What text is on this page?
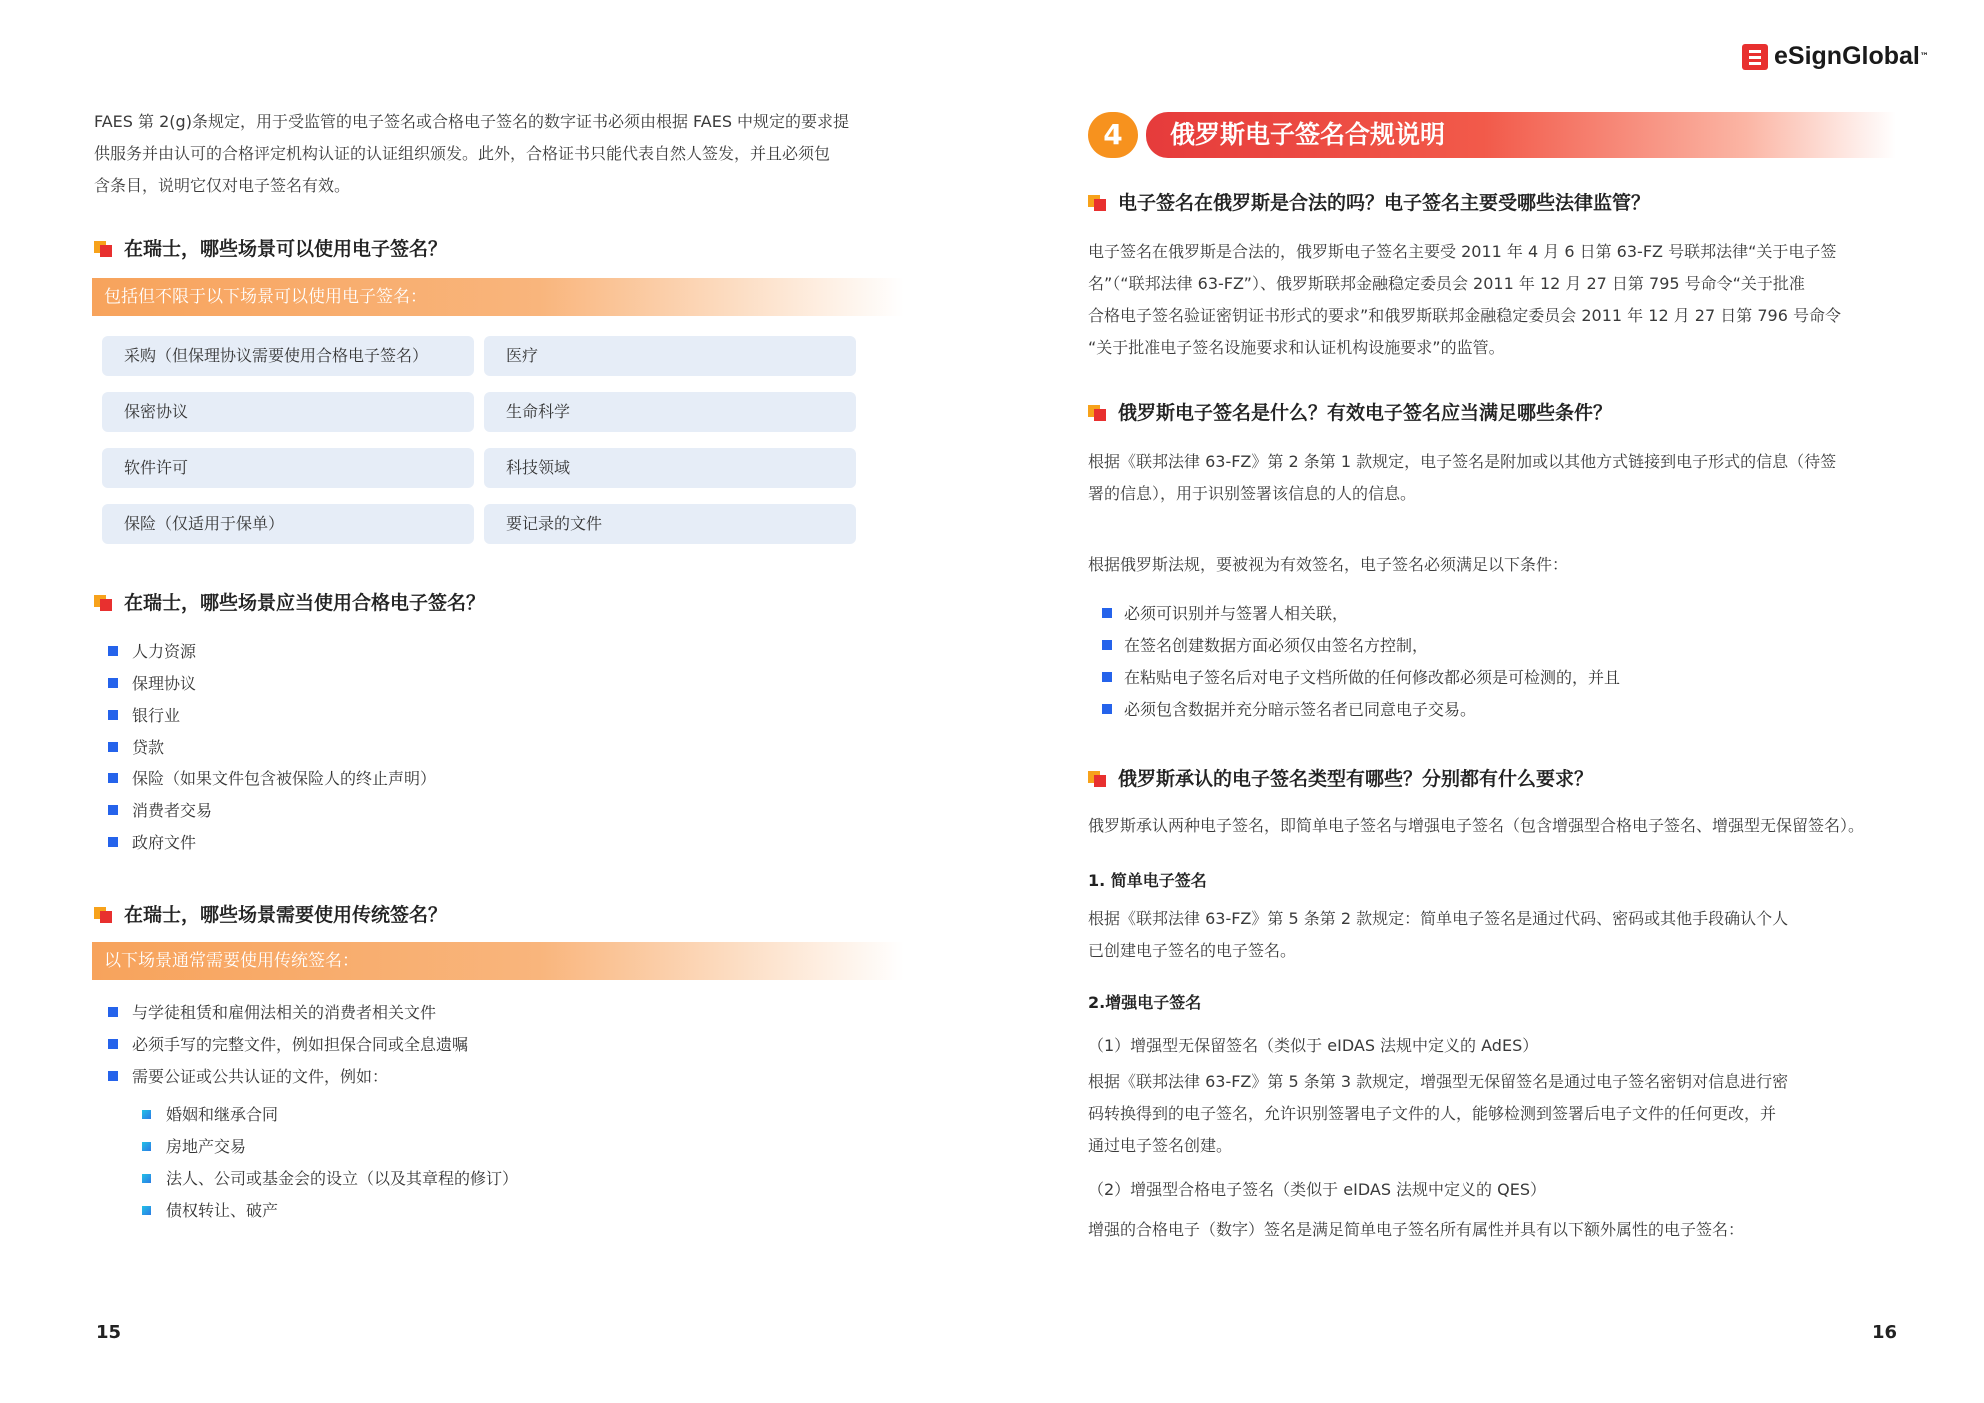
FAES 第 2(g)条规定，用于受监管的电子签名或合格电子签名的数字证书必须由根据 FAES 中规定的要求提
供服务并由认可的合格评定机构认证的认证组织颁发。此外，合格证书只能代表自然人签发，并且必须包
含条目，说明它仅对电子签名有效。
在瑞士，哪些场景可以使用电子签名？
包括但不限于以下场景可以使用电子签名：
采购（但保理协议需要使用合格电子签名）	医疗
保密协议	生命科学
软件许可	科技领域
保险（仅适用于保单）	要记录的文件
在瑞士，哪些场景应当使用合格电子签名？
人力资源
保理协议
银行业
贷款
保险（如果文件包含被保险人的终止声明）
消费者交易
政府文件
在瑞士，哪些场景需要使用传统签名？
以下场景通常需要使用传统签名：
与学徒租赁和雇佣法相关的消费者相关文件
必须手写的完整文件，例如担保合同或全息遗嘱
需要公证或公共认证的文件，例如：
婚姻和继承合同
房地产交易
法人、公司或基金会的设立（以及其章程的修订）
债权转让、破产
15
eSignGlobal ™
4	俄罗斯电子签名合规说明
电子签名在俄罗斯是合法的吗？电子签名主要受哪些法律监管？
电子签名在俄罗斯是合法的，俄罗斯电子签名主要受 2011 年 4 月 6 日第 63-FZ 号联邦法律“关于电子签
名”（“联邦法律 63-FZ”）、俄罗斯联邦金融稳定委员会 2011 年 12 月 27 日第 795 号命令“关于批准
合格电子签名验证密钥证书形式的要求”和俄罗斯联邦金融稳定委员会 2011 年 12 月 27 日第 796 号命令
“关于批准电子签名设施要求和认证机构设施要求”的监管。
俄罗斯电子签名是什么？有效电子签名应当满足哪些条件？
根据《联邦法律 63-FZ》第 2 条第 1 款规定，电子签名是附加或以其他方式链接到电子形式的信息（待签
署的信息），用于识别签署该信息的人的信息。
根据俄罗斯法规，要被视为有效签名，电子签名必须满足以下条件：
必须可识别并与签署人相关联，
在签名创建数据方面必须仅由签名方控制，
在粘贴电子签名后对电子文档所做的任何修改都必须是可检测的，并且
必须包含数据并充分暗示签名者已同意电子交易。
俄罗斯承认的电子签名类型有哪些？分别都有什么要求？
俄罗斯承认两种电子签名，即简单电子签名与增强电子签名（包含增强型合格电子签名、增强型无保留签名）。
1. 简单电子签名
根据《联邦法律 63-FZ》第 5 条第 2 款规定：简单电子签名是通过代码、密码或其他手段确认个人
已创建电子签名的电子签名。
2.增强电子签名
（1）增强型无保留签名（类似于 eIDAS 法规中定义的 AdES）
根据《联邦法律 63-FZ》第 5 条第 3 款规定，增强型无保留签名是通过电子签名密钥对信息进行密
码转换得到的电子签名，允许识别签署电子文件的人，能够检测到签署后电子文件的任何更改，并
通过电子签名创建。
（2）增强型合格电子签名（类似于 eIDAS 法规中定义的 QES）
增强的合格电子（数字）签名是满足简单电子签名所有属性并具有以下额外属性的电子签名：
16
